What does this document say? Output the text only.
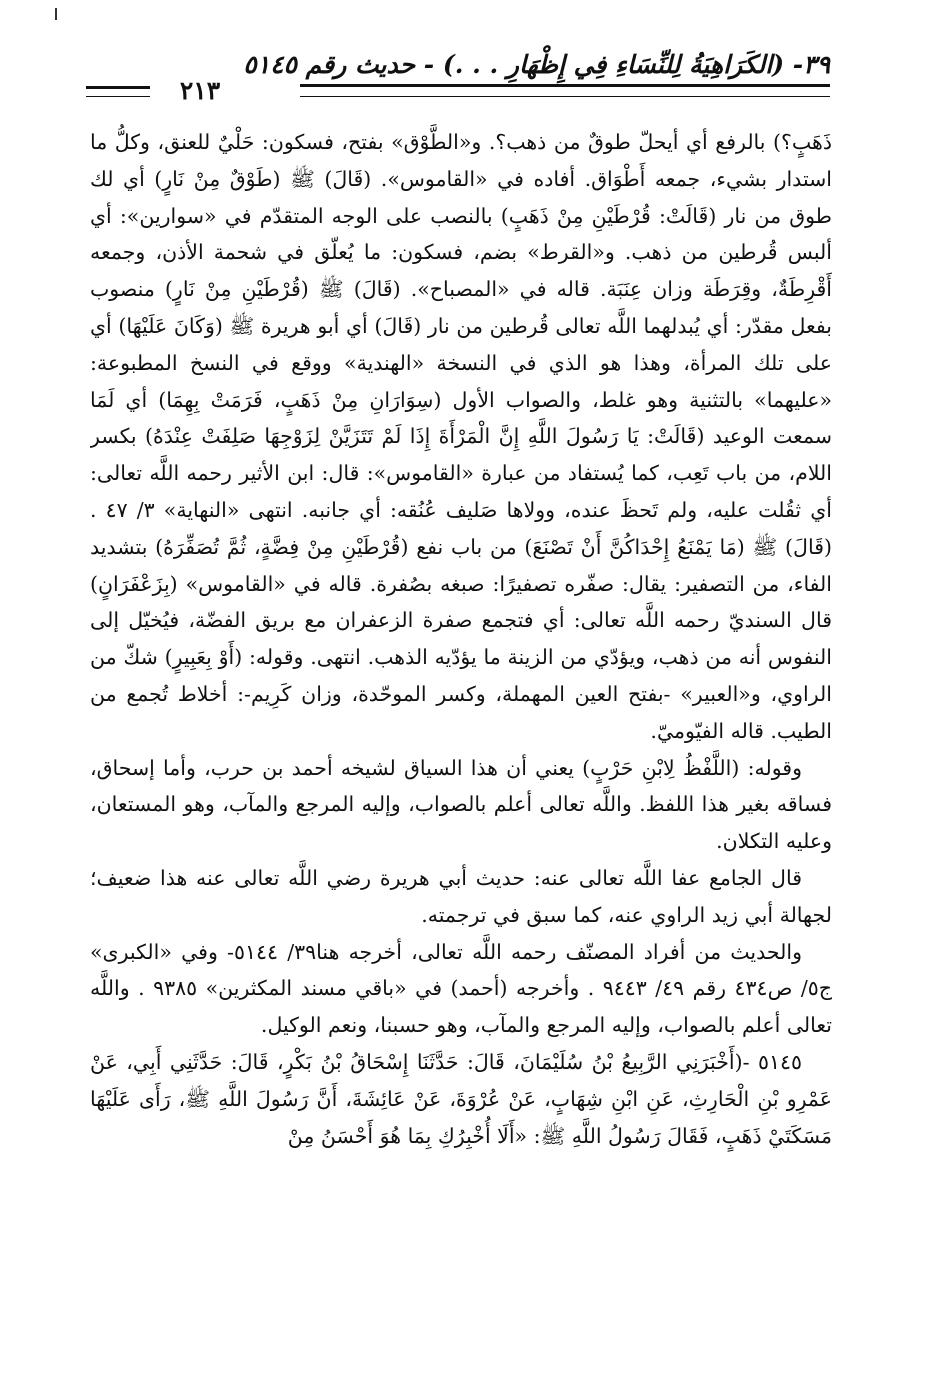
٣٩- (الكَرَاهِيَةُ لِلنِّسَاءِ فِي إِظْهَارِ . . .) - حديث رقم ٥١٤٥
٢١٣

ذَهَبٍ؟) بالرفع أي أيحلّ طوقٌ من ذهب؟. و«الطَّوْق» بفتح، فسكون: حَلْيٌ للعنق، وكلُّ ما استدار بشيء، جمعه أَطْوَاق. أفاده في «القاموس». (قَالَ) ﷺ (طَوْقٌ مِنْ نَارٍ) أي لك طوق من نار (قَالَتْ: قُرْطَيْنِ مِنْ ذَهَبٍ) بالنصب على الوجه المتقدّم في «سوارين»: أي ألبس قُرطين من ذهب. و«القرط» بضم، فسكون: ما يُعلّق في شحمة الأذن، وجمعه أَقْرِطَةٌ، وقِرَطَة وزان عِنَبَة. قاله في «المصباح». (قَالَ) ﷺ (قُرْطَيْنِ مِنْ نَارٍ) منصوب بفعل مقدّر: أي يُبدلهما اللَّه تعالى قُرطين من نار (قَالَ) أي أبو هريرة ﷺ (وَكَانَ عَلَيْهَا) أي على تلك المرأة، وهذا هو الذي في النسخة «الهندية» ووقع في النسخ المطبوعة: «عليهما» بالتثنية وهو غلط، والصواب الأول (سِوَارَانِ مِنْ ذَهَبٍ، فَرَمَتْ بِهِمَا) أي لَمَا سمعت الوعيد (قَالَتْ: يَا رَسُولَ اللَّهِ إِنَّ الْمَرْأَةَ إِذَا لَمْ تَتَزَيَّنْ لِزَوْجِهَا صَلِفَتْ عِنْدَهُ) بكسر اللام، من باب تَعِب، كما يُستفاد من عبارة «القاموس»: قال: ابن الأثير رحمه اللَّه تعالى: أي ثقُلت عليه، ولم تَحظَ عنده، وولاها صَليف عُنُقه: أي جانبه. انتهى «النهاية» ٣/ ٤٧ . (قَالَ) ﷺ (مَا يَمْنَعُ إِحْدَاكُنَّ أَنْ تَصْنَعَ) من باب نفع (قُرْطَيْنِ مِنْ فِضَّةٍ، ثُمَّ تُصَفِّرَهُ) بتشديد الفاء، من التصفير: يقال: صفّره تصفيرًا: صبغه بصُفرة. قاله في «القاموس» (بِزَعْفَرَانٍ) قال السنديّ رحمه اللَّه تعالى: أي فتجمع صفرة الزعفران مع بريق الفضّة، فيُخيّل إلى النفوس أنه من ذهب، ويؤدّي من الزينة ما يؤدّيه الذهب. انتهى. وقوله: (أَوْ بِعَبِيرٍ) شكّ من الراوي، و«العبير» -بفتح العين المهملة، وكسر الموحّدة، وزان كَرِيم-: أخلاط تُجمع من الطيب. قاله الفيّوميّ.

وقوله: (اللَّفْظُ لِابْنِ حَرْبٍ) يعني أن هذا السياق لشيخه أحمد بن حرب، وأما إسحاق، فساقه بغير هذا اللفظ. واللَّه تعالى أعلم بالصواب، وإليه المرجع والمآب، وهو المستعان، وعليه التكلان.

قال الجامع عفا اللَّه تعالى عنه: حديث أبي هريرة رضي اللَّه تعالى عنه هذا ضعيف؛ لجهالة أبي زيد الراوي عنه، كما سبق في ترجمته.

والحديث من أفراد المصنّف رحمه اللَّه تعالى، أخرجه هنا٣٩/ ٥١٤٤- وفي «الكبرى» ج٥/ ص٤٣٤ رقم ٤٩/ ٩٤٤٣ . وأخرجه (أحمد) في «باقي مسند المكثرين» ٩٣٨٥ . واللَّه تعالى أعلم بالصواب، وإليه المرجع والمآب، وهو حسبنا، ونعم الوكيل.

٥١٤٥ -(أَخْبَرَنِي الرَّبِيعُ بْنُ سُلَيْمَانَ، قَالَ: حَدَّثَنَا إِسْحَاقُ بْنُ بَكْرٍ، قَالَ: حَدَّثَنِي أَبِي، عَنْ عَمْرِو بْنِ الْحَارِثِ، عَنِ ابْنِ شِهَابٍ، عَنْ عُرْوَةَ، عَنْ عَائِشَةَ، أَنَّ رَسُولَ اللَّهِ ﷺ، رَأَى عَلَيْهَا مَسَكَتَيْ ذَهَبٍ، فَقَالَ رَسُولُ اللَّهِ ﷺ: «أَلَا أُخْبِرُكِ بِمَا هُوَ أَحْسَنُ مِنْ
